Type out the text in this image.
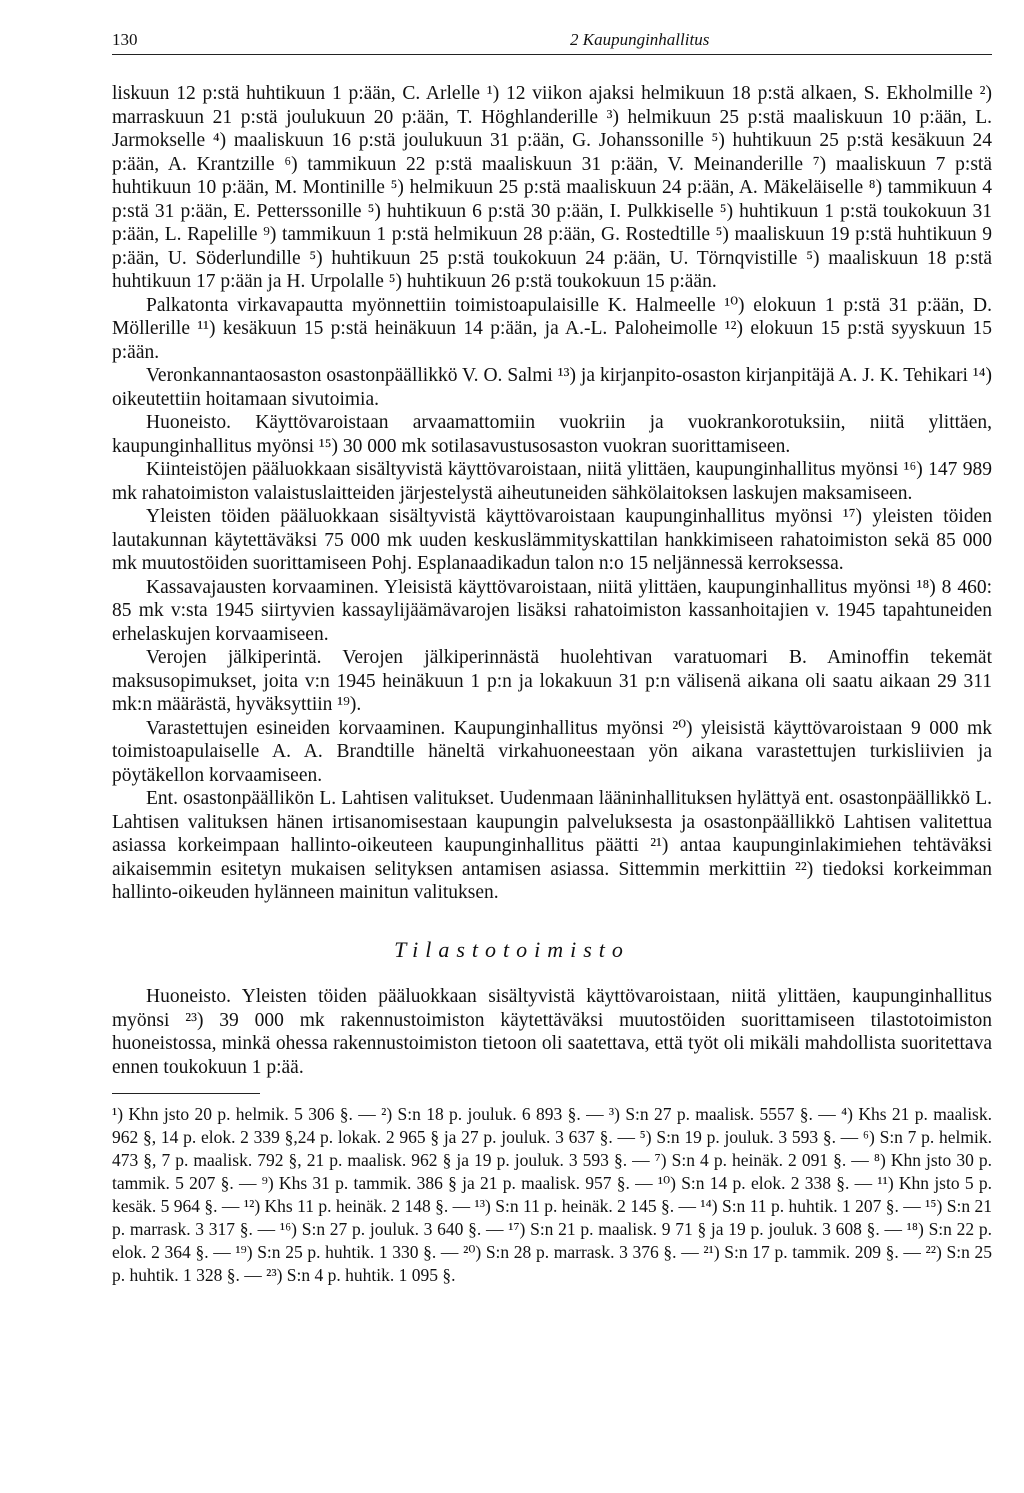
130	2 Kaupunginhallitus

liskuun 12 p:stä huhtikuun 1 p:ään, C. Arlelle ¹) 12 viikon ajaksi helmikuun 18 p:stä alkaen, S. Ekholmille ²) marraskuun 21 p:stä joulukuun 20 p:ään, T. Höghlanderille ³) helmikuun 25 p:stä maaliskuun 10 p:ään, L. Jarmokselle ⁴) maaliskuun 16 p:stä joulukuun 31 p:ään, G. Johanssonille ⁵) huhtikuun 25 p:stä kesäkuun 24 p:ään, A. Krantzille ⁶) tammikuun 22 p:stä maaliskuun 31 p:ään, V. Meinanderille ⁷) maaliskuun 7 p:stä huhtikuun 10 p:ään, M. Montinille ⁵) helmikuun 25 p:stä maaliskuun 24 p:ään, A. Mäkeläiselle ⁸) tammikuun 4 p:stä 31 p:ään, E. Petterssonille ⁵) huhtikuun 6 p:stä 30 p:ään, I. Pulkkiselle ⁵) huhtikuun 1 p:stä toukokuun 31 p:ään, L. Rapelille ⁹) tammikuun 1 p:stä helmikuun 28 p:ään, G. Rostedtille ⁵) maaliskuun 19 p:stä huhtikuun 9 p:ään, U. Söderlundille ⁵) huhtikuun 25 p:stä toukokuun 24 p:ään, U. Törnqvistille ⁵) maaliskuun 18 p:stä huhtikuun 17 p:ään ja H. Urpolalle ⁵) huhtikuun 26 p:stä toukokuun 15 p:ään.

Palkatonta virkavapautta myönnettiin toimistoapulaisille K. Halmeelle ¹⁰) elokuun 1 p:stä 31 p:ään, D. Möllerille ¹¹) kesäkuun 15 p:stä heinäkuun 14 p:ään, ja A.-L. Paloheimolle ¹²) elokuun 15 p:stä syyskuun 15 p:ään.

Veronkannantaosaston osastonpäällikkö V. O. Salmi ¹³) ja kirjanpito-osaston kirjanpitäjä A. J. K. Tehikari ¹⁴) oikeutettiin hoitamaan sivutoimia.

Huoneisto. Käyttövaroistaan arvaamattomiin vuokriin ja vuokrankorotuksiin, niitä ylittäen, kaupunginhallitus myönsi ¹⁵) 30 000 mk sotilasavustusosaston vuokran suorittamiseen.

Kiinteistöjen pääluokkaan sisältyvistä käyttövaroistaan, niitä ylittäen, kaupunginhallitus myönsi ¹⁶) 147 989 mk rahatoimiston valaistuslaitteiden järjestelystä aiheutuneiden sähkölaitoksen laskujen maksamiseen.

Yleisten töiden pääluokkaan sisältyvistä käyttövaroistaan kaupunginhallitus myönsi ¹⁷) yleisten töiden lautakunnan käytettäväksi 75 000 mk uuden keskuslämmityskattilan hankkimiseen rahatoimiston sekä 85 000 mk muutostöiden suorittamiseen Pohj. Esplanaadikadun talon n:o 15 neljännessä kerroksessa.

Kassavajausten korvaaminen. Yleisistä käyttövaroistaan, niitä ylittäen, kaupunginhallitus myönsi ¹⁸) 8 460: 85 mk v:sta 1945 siirtyvien kassaylijäämävarojen lisäksi rahatoimiston kassanhoitajien v. 1945 tapahtuneiden erhelaskujen korvaamiseen.

Verojen jälkiperintä. Verojen jälkiperinnästä huolehtivan varatuomari B. Aminoffin tekemät maksusopimukset, joita v:n 1945 heinäkuun 1 p:n ja lokakuun 31 p:n välisenä aikana oli saatu aikaan 29 311 mk:n määrästä, hyväksyttiin ¹⁹).

Varastettujen esineiden korvaaminen. Kaupunginhallitus myönsi ²⁰) yleisistä käyttövaroistaan 9 000 mk toimistoapulaiselle A. A. Brandtille häneltä virkahuoneestaan yön aikana varastettujen turkisliivien ja pöytäkellon korvaamiseen.

Ent. osastonpäällikön L. Lahtisen valitukset. Uudenmaan lääninhallituksen hylättyä ent. osastonpäällikkö L. Lahtisen valituksen hänen irtisanomisestaan kaupungin palveluksesta ja osastonpäällikkö Lahtisen valitettua asiassa korkeimpaan hallinto-oikeuteen kaupunginhallitus päätti ²¹) antaa kaupunginlakimiehen tehtäväksi aikaisemmin esitetyn mukaisen selityksen antamisen asiassa. Sittemmin merkittiin ²²) tiedoksi korkeimman hallinto-oikeuden hylänneen mainitun valituksen.

Tilastotoimisto

Huoneisto. Yleisten töiden pääluokkaan sisältyvistä käyttövaroistaan, niitä ylittäen, kaupunginhallitus myönsi ²³) 39 000 mk rakennustoimiston käytettäväksi muutostöiden suorittamiseen tilastotoimiston huoneistossa, minkä ohessa rakennustoimiston tietoon oli saatettava, että työt oli mikäli mahdollista suoritettava ennen toukokuun 1 p:ää.

¹) Khn jsto 20 p. helmik. 5 306 §. — ²) S:n 18 p. jouluk. 6 893 §. — ³) S:n 27 p. maalisk. 5557 §. — ⁴) Khs 21 p. maalisk. 962 §, 14 p. elok. 2 339 §,24 p. lokak. 2 965 § ja 27 p. jouluk. 3 637 §. — ⁵) S:n 19 p. jouluk. 3 593 §. — ⁶) S:n 7 p. helmik. 473 §, 7 p. maalisk. 792 §, 21 p. maalisk. 962 § ja 19 p. jouluk. 3 593 §. — ⁷) S:n 4 p. heinäk. 2 091 §. — ⁸) Khn jsto 30 p. tammik. 5 207 §. — ⁹) Khs 31 p. tammik. 386 § ja 21 p. maalisk. 957 §. — ¹⁰) S:n 14 p. elok. 2 338 §. — ¹¹) Khn jsto 5 p. kesäk. 5 964 §. — ¹²) Khs 11 p. heinäk. 2 148 §. — ¹³) S:n 11 p. heinäk. 2 145 §. — ¹⁴) S:n 11 p. huhtik. 1 207 §. — ¹⁵) S:n 21 p. marrask. 3 317 §. — ¹⁶) S:n 27 p. jouluk. 3 640 §. — ¹⁷) S:n 21 p. maalisk. 9 71 § ja 19 p. jouluk. 3 608 §. — ¹⁸) S:n 22 p. elok. 2 364 §. — ¹⁹) S:n 25 p. huhtik. 1 330 §. — ²⁰) S:n 28 p. marrask. 3 376 §. — ²¹) S:n 17 p. tammik. 209 §. — ²²) S:n 25 p. huhtik. 1 328 §. — ²³) S:n 4 p. huhtik. 1 095 §.
